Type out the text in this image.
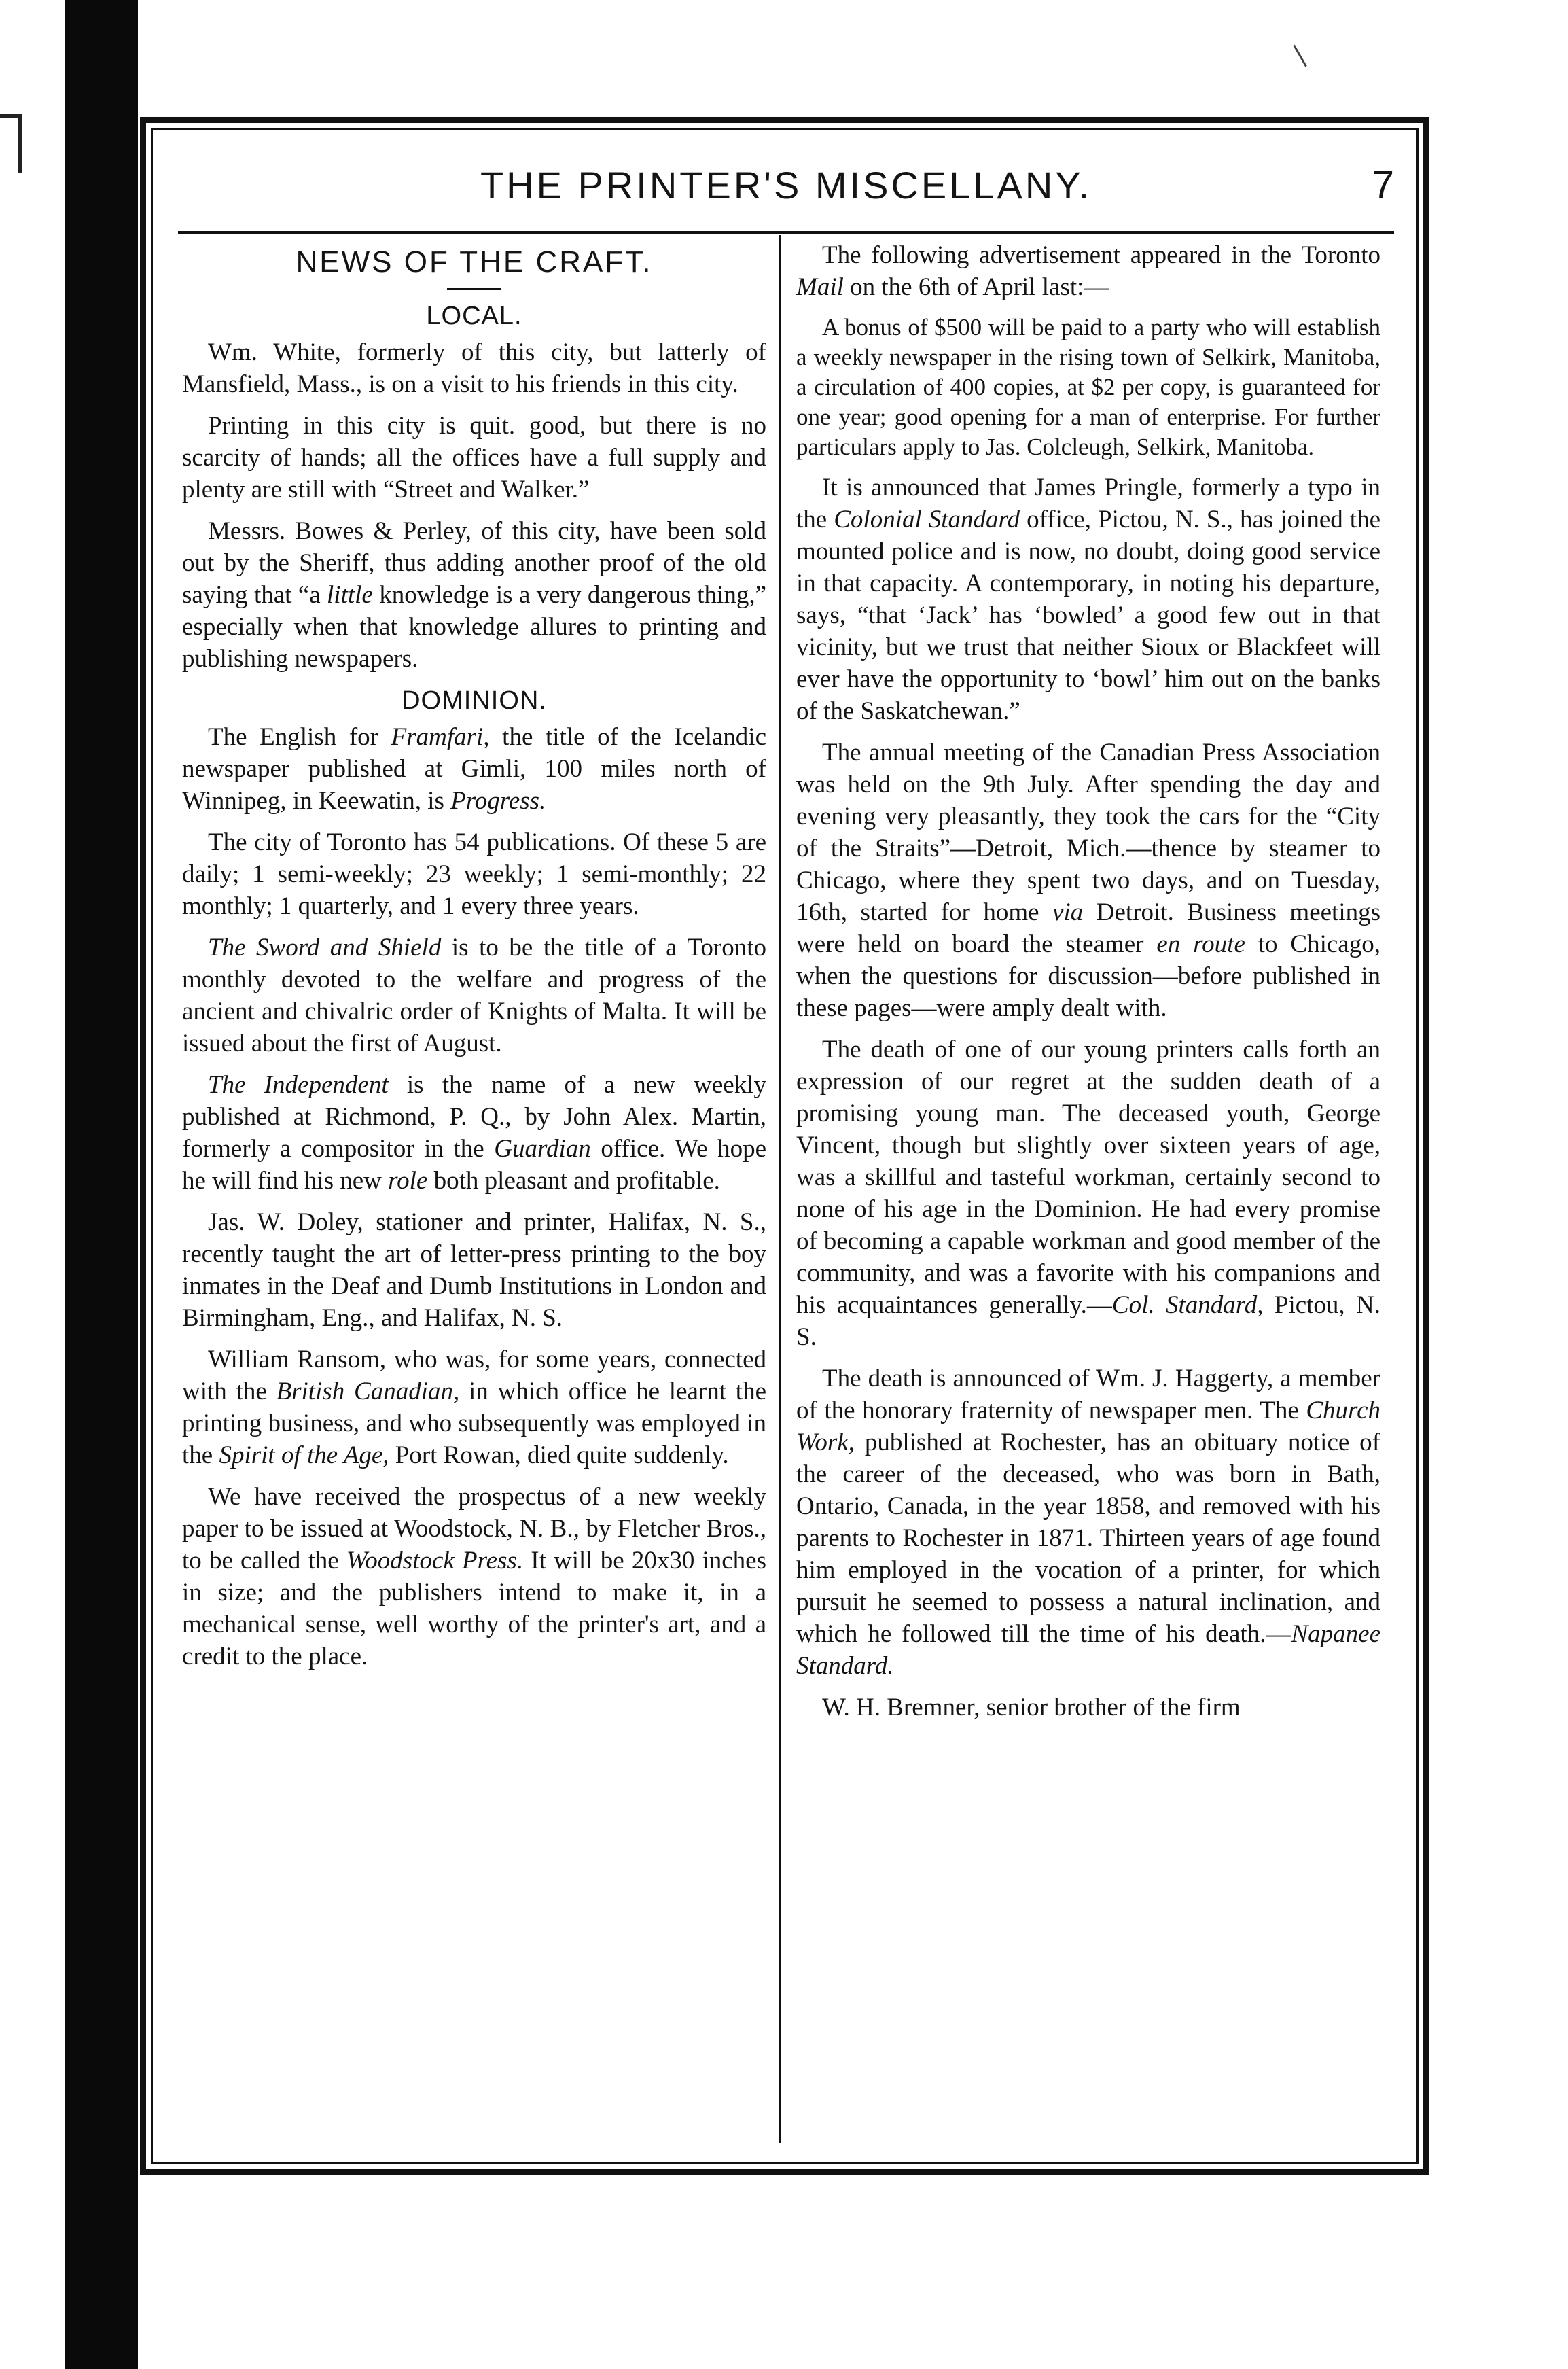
THE PRINTER'S MISCELLANY.	7
NEWS OF THE CRAFT.
LOCAL.

Wm. White, formerly of this city, but latterly of Mansfield, Mass., is on a visit to his friends in this city.

Printing in this city is quit. good, but there is no scarcity of hands; all the offices have a full supply and plenty are still with “Street and Walker.”

Messrs. Bowes & Perley, of this city, have been sold out by the Sheriff, thus adding another proof of the old saying that “a little knowledge is a very dangerous thing,” especially when that knowledge allures to printing and publishing newspapers.

DOMINION.

The English for Framfari, the title of the Icelandic newspaper published at Gimli, 100 miles north of Winnipeg, in Keewatin, is Progress.

The city of Toronto has 54 publications. Of these 5 are daily; 1 semi-weekly; 23 weekly; 1 semi-monthly; 22 monthly; 1 quarterly, and 1 every three years.

The Sword and Shield is to be the title of a Toronto monthly devoted to the welfare and progress of the ancient and chivalric order of Knights of Malta. It will be issued about the first of August.

The Independent is the name of a new weekly published at Richmond, P. Q., by John Alex. Martin, formerly a compositor in the Guardian office. We hope he will find his new role both pleasant and profitable.

Jas. W. Doley, stationer and printer, Halifax, N. S., recently taught the art of letter-press printing to the boy inmates in the Deaf and Dumb Institutions in London and Birmingham, Eng., and Halifax, N. S.

William Ransom, who was, for some years, connected with the British Canadian, in which office he learnt the printing business, and who subsequently was employed in the Spirit of the Age, Port Rowan, died quite suddenly.

We have received the prospectus of a new weekly paper to be issued at Woodstock, N. B., by Fletcher Bros., to be called the Woodstock Press. It will be 20x30 inches in size; and the publishers intend to make it, in a mechanical sense, well worthy of the printer's art, and a credit to the place.

The following advertisement appeared in the Toronto Mail on the 6th of April last:—

A bonus of $500 will be paid to a party who will establish a weekly newspaper in the rising town of Selkirk, Manitoba, a circulation of 400 copies, at $2 per copy, is guaranteed for one year; good opening for a man of enterprise. For further particulars apply to Jas. Colcleugh, Selkirk, Manitoba.

It is announced that James Pringle, formerly a typo in the Colonial Standard office, Pictou, N. S., has joined the mounted police and is now, no doubt, doing good service in that capacity. A contemporary, in noting his departure, says, “that ‘Jack’ has ‘bowled’ a good few out in that vicinity, but we trust that neither Sioux or Blackfeet will ever have the opportunity to ‘bowl’ him out on the banks of the Saskatchewan.”

The annual meeting of the Canadian Press Association was held on the 9th July. After spending the day and evening very pleasantly, they took the cars for the “City of the Straits”—Detroit, Mich.—thence by steamer to Chicago, where they spent two days, and on Tuesday, 16th, started for home via Detroit. Business meetings were held on board the steamer en route to Chicago, when the questions for discussion—before published in these pages—were amply dealt with.

The death of one of our young printers calls forth an expression of our regret at the sudden death of a promising young man. The deceased youth, George Vincent, though but slightly over sixteen years of age, was a skillful and tasteful workman, certainly second to none of his age in the Dominion. He had every promise of becoming a capable workman and good member of the community, and was a favorite with his companions and his acquaintances generally.—Col. Standard, Pictou, N. S.

The death is announced of Wm. J. Haggerty, a member of the honorary fraternity of newspaper men. The Church Work, published at Rochester, has an obituary notice of the career of the deceased, who was born in Bath, Ontario, Canada, in the year 1858, and removed with his parents to Rochester in 1871. Thirteen years of age found him employed in the vocation of a printer, for which pursuit he seemed to possess a natural inclination, and which he followed till the time of his death.—Napanee Standard.

W. H. Bremner, senior brother of the firm
